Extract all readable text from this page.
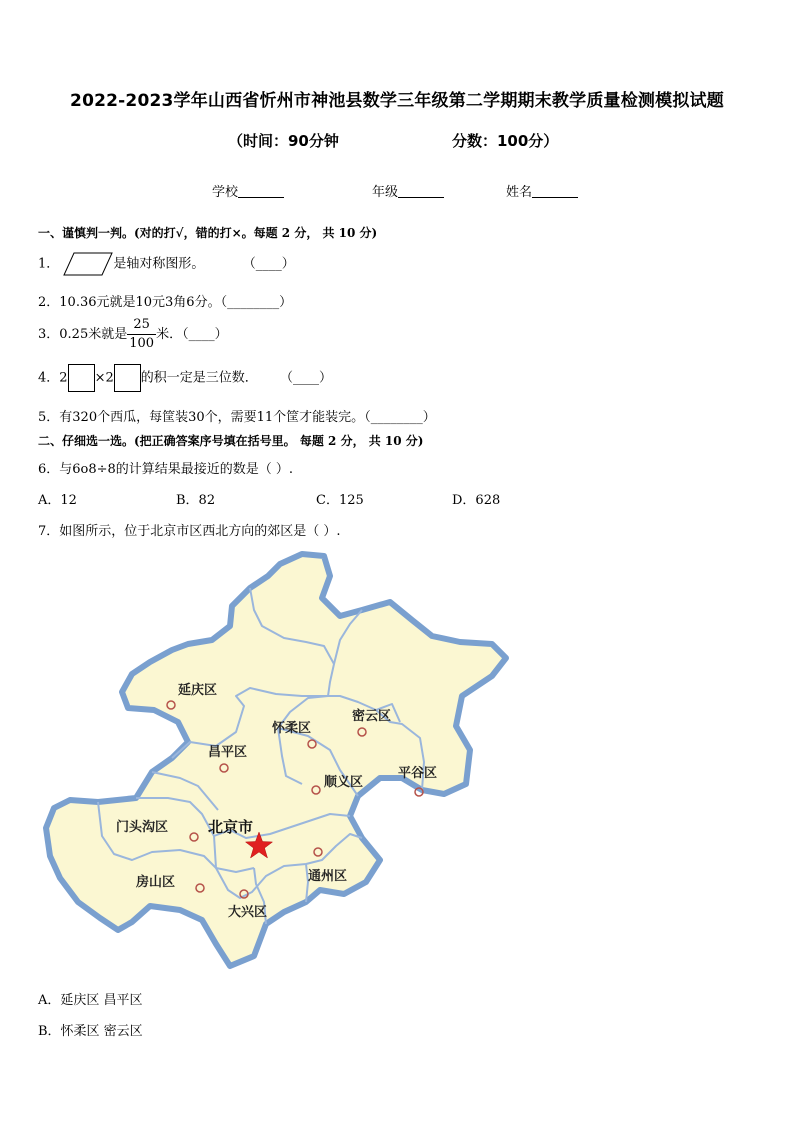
2022-2023学年山西省忻州市神池县数学三年级第二学期期末教学质量检测模拟试题
（时间：90分钟	分数：100分）
学校	年级	姓名
一、谨慎判一判。(对的打√，错的打×。每题 2 分， 共 10 分)
1．	是轴对称图形。	（____）
2．10.36元就是10元3角6分。（________）
3．0.25米就是 $\frac{25}{100}$ 米．（____）
4．2 ×2 的积一定是三位数． （____）
5．有320个西瓜，每筐装30个，需要11个筐才能装完。（________）
二、仔细选一选。(把正确答案序号填在括号里。 每题 2 分， 共 10 分)
6．与6o8÷8的计算结果最接近的数是（ ）.
A．12	B．82	C．125	D．628
7．如图所示，位于北京市区西北方向的郊区是（ ）.
延庆区
怀柔区
密云区
昌平区
顺义区
平谷区
门头沟区	北京市
通州区
房山区
大兴区
A．延庆区 昌平区
B．怀柔区 密云区
